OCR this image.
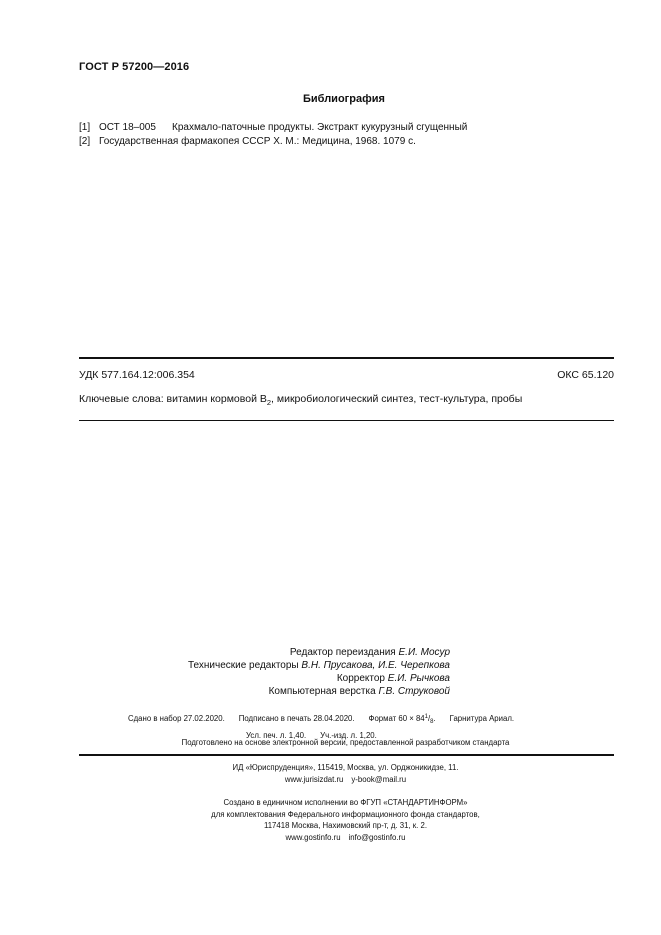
ГОСТ Р 57200—2016
Библиография
[1] ОСТ 18–005 Крахмало-паточные продукты. Экстракт кукурузный сгущенный
[2] Государственная фармакопея СССР X. М.: Медицина, 1968. 1079 с.
УДК 577.164.12:006.354	ОКС 65.120
Ключевые слова: витамин кормовой $В_2$, микробиологический синтез, тест-культура, пробы
Редактор переиздания Е.И. Мосур
Технические редакторы В.Н. Прусакова, И.Е. Черепкова
Корректор Е.И. Рычкова
Компьютерная верстка Г.В. Струковой
Сдано в набор 27.02.2020. Подписано в печать 28.04.2020. Формат $60 \times 84^1/_8$. Гарнитура Ариал.
Усл. печ. л. 1,40. Уч.-изд. л. 1,20.
Подготовлено на основе электронной версии, предоставленной разработчиком стандарта
ИД «Юриспруденция», 115419, Москва, ул. Орджоникидзе, 11.
www.jurisizdat.ru y-book@mail.ru
Создано в единичном исполнении во ФГУП «СТАНДАРТИНФОРМ»
для комплектования Федерального информационного фонда стандартов,
117418 Москва, Нахимовский пр-т, д. 31, к. 2.
www.gostinfo.ru info@gostinfo.ru
